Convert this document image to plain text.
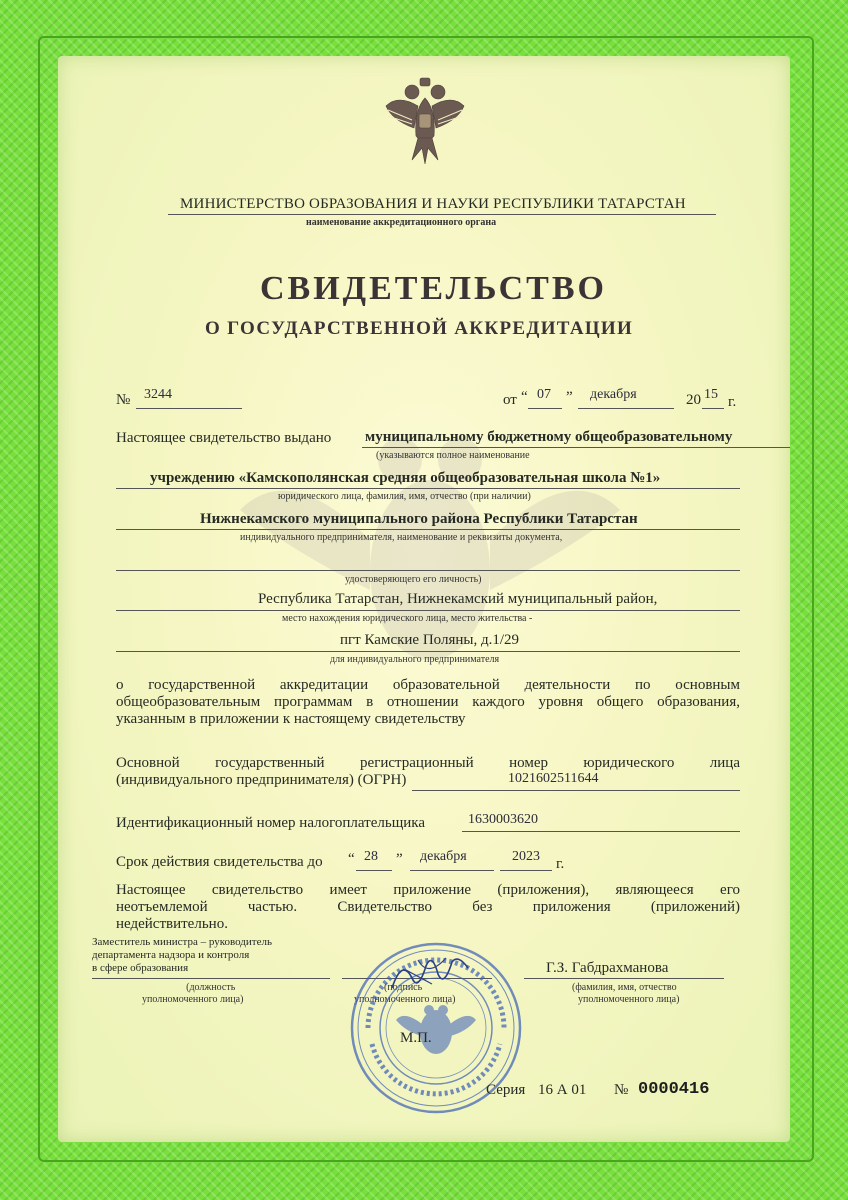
МИНИСТЕРСТВО ОБРАЗОВАНИЯ И НАУКИ РЕСПУБЛИКИ ТАТАРСТАН
наименование аккредитационного органа
СВИДЕТЕЛЬСТВО
О ГОСУДАРСТВЕННОЙ АККРЕДИТАЦИИ
№ 3244	от “ 07 ” декабря	20 15 г.
Настоящее свидетельство выдано муниципальному бюджетному общеобразовательному
(указываются полное наименование
учреждению «Камскополянская средняя общеобразовательная школа №1»
юридического лица, фамилия, имя, отчество (при наличии)
Нижнекамского муниципального района Республики Татарстан
индивидуального предпринимателя, наименование и реквизиты документа,
удостоверяющего его личность)
Республика Татарстан, Нижнекамский муниципальный район,
место нахождения юридического лица, место жительства -
пгт Камские Поляны, д.1/29
для индивидуального предпринимателя
о государственной аккредитации образовательной деятельности по основным
общеобразовательным программам в отношении каждого уровня общего образования,
указанным в приложении к настоящему свидетельству
Основной государственный регистрационный номер юридического лица
(индивидуального предпринимателя) (ОГРН)	1021602511644
Идентификационный номер налогоплательщика	1630003620
Срок действия свидетельства до “ 28 ” декабря	2023 г.
Настоящее свидетельство имеет приложение (приложения), являющееся его
неотъемлемой частью. Свидетельство без приложения (приложений)
недействительно.
Заместитель министра – руководитель
департамента надзора и контроля
в сфере образования
(должность
уполномоченного лица)
(подпись
уполномоченного лица)
Г.З. Габдрахманова
(фамилия, имя, отчество
уполномоченного лица)
М.П.
Серия 16 А 01 № 0000416
